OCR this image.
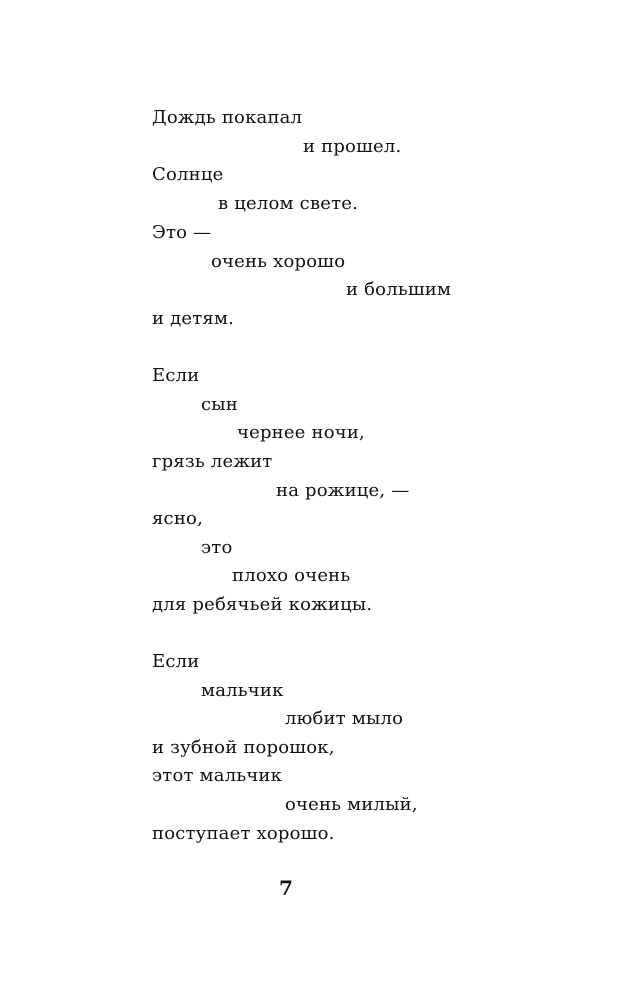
Дождь покапал
и прошел.
Солнце
в целом свете.
Это —
очень хорошо
и большим
и детям.
Если
сын
чернее ночи,
грязь лежит
на рожице, —
ясно,
это
плохо очень
для ребячьей кожицы.
Если
мальчик
любит мыло
и зубной порошок,
этот мальчик
очень милый,
поступает хорошо.
7
